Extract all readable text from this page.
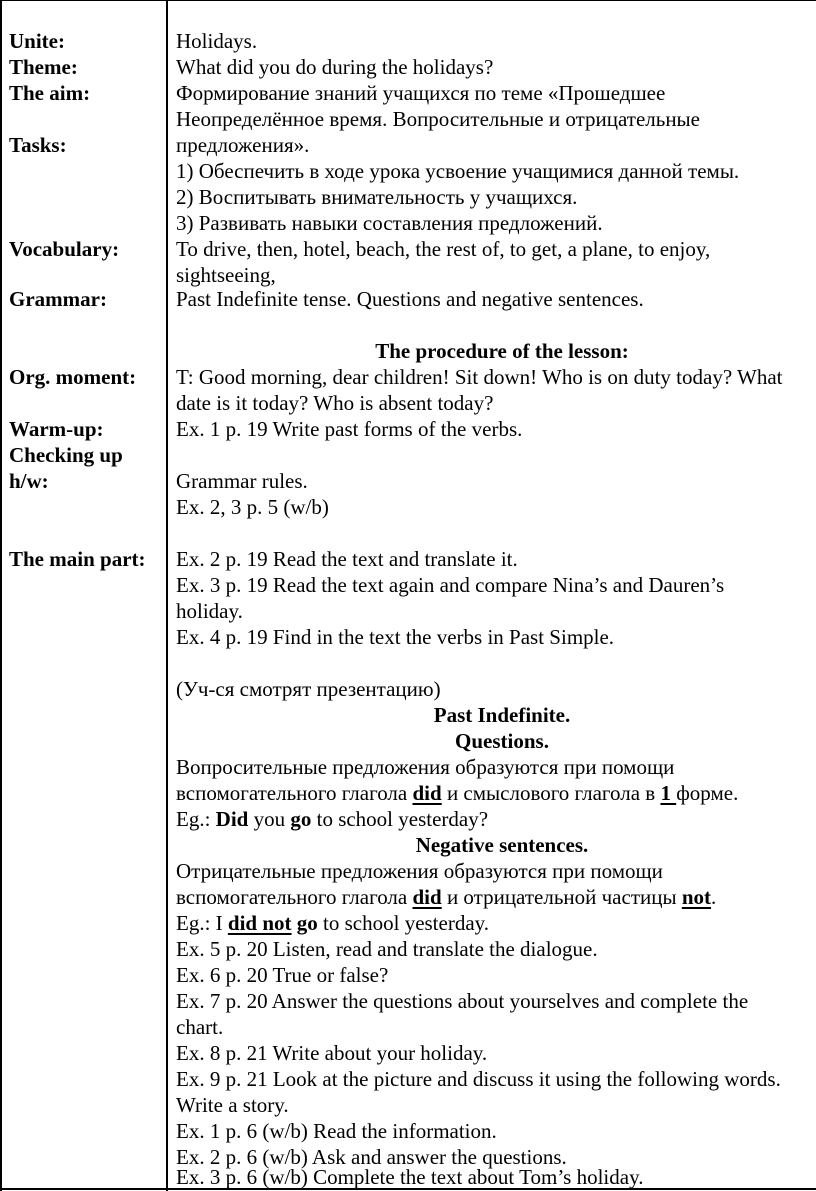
Unite:
Theme:
The aim:
Tasks:
Vocabulary:
Grammar:
Org. moment:
Warm-up:
Checking up
h/w:
The main part:
Holidays.
What did you do during the holidays?
Формирование знаний учащихся по теме «Прошедшее
Неопределённое время. Вопросительные и отрицательные
предложения».
1) Обеспечить в ходе урока усвоение учащимися данной темы.
2) Воспитывать внимательность у учащихся.
3) Развивать навыки составления предложений.
To drive, then, hotel, beach, the rest of, to get, a plane, to enjoy,
sightseeing,
Past Indefinite tense. Questions and negative sentences.
The procedure of the lesson:
T: Good morning, dear children! Sit down! Who is on duty today? What
date is it today? Who is absent today?
Ex. 1 p. 19 Write past forms of the verbs.
Grammar rules.
Ex. 2, 3 p. 5 (w/b)
Ex. 2 p. 19 Read the text and translate it.
Ex. 3 p. 19 Read the text again and compare Nina’s and Dauren’s
holiday.
Ex. 4 p. 19 Find in the text the verbs in Past Simple.
(Уч-ся смотрят презентацию)
Past Indefinite.
Questions.
Вопросительные предложения образуются при помощи
вспомогательного глагола did и смыслового глагола в 1 форме.
Eg.: Did you go to school yesterday?
Negative sentences.
Отрицательные предложения образуются при помощи
вспомогательного глагола did и отрицательной частицы not.
Eg.: I did not go to school yesterday.
Ex. 5 p. 20 Listen, read and translate the dialogue.
Ex. 6 p. 20 True or false?
Ex. 7 p. 20 Answer the questions about yourselves and complete the
chart.
Ex. 8 p. 21 Write about your holiday.
Ex. 9 p. 21 Look at the picture and discuss it using the following words.
Write a story.
Ex. 1 p. 6 (w/b) Read the information.
Ex. 2 p. 6 (w/b) Ask and answer the questions.
Ex. 3 p. 6 (w/b) Complete the text about Tom’s holiday.
